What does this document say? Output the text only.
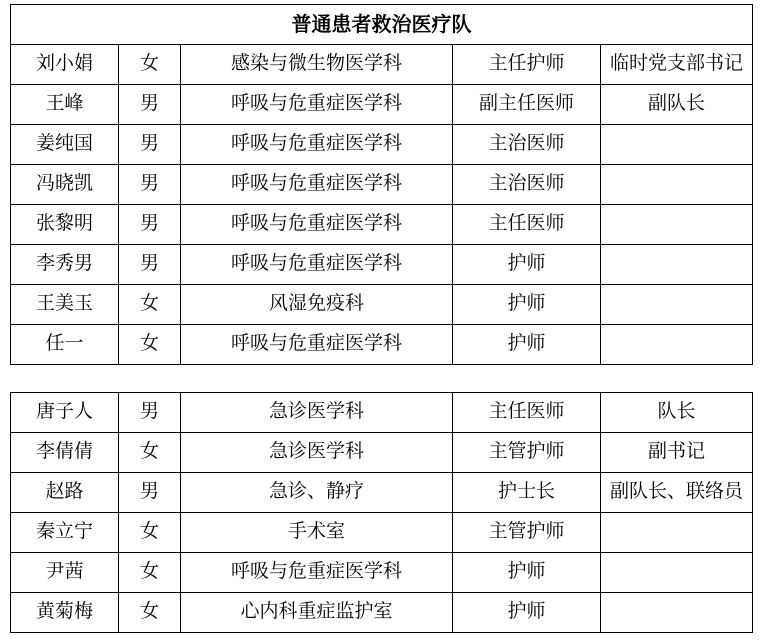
普通患者救治医疗队				
刘小娟	女	感染与微生物医学科	主任护师	临时党支部书记
王峰	男	呼吸与危重症医学科	副主任医师	副队长
姜纯国	男	呼吸与危重症医学科	主治医师	
冯晓凯	男	呼吸与危重症医学科	主治医师	
张黎明	男	呼吸与危重症医学科	主任医师	
李秀男	男	呼吸与危重症医学科	护师	
王美玉	女	风湿免疫科	护师	
任一	女	呼吸与危重症医学科	护师	
唐子人	男	急诊医学科	主任医师	队长
李倩倩	女	急诊医学科	主管护师	副书记
赵路	男	急诊、静疗	护士长	副队长、联络员
秦立宁	女	手术室	主管护师	
尹茜	女	呼吸与危重症医学科	护师	
黄菊梅	女	心内科重症监护室	护师	
